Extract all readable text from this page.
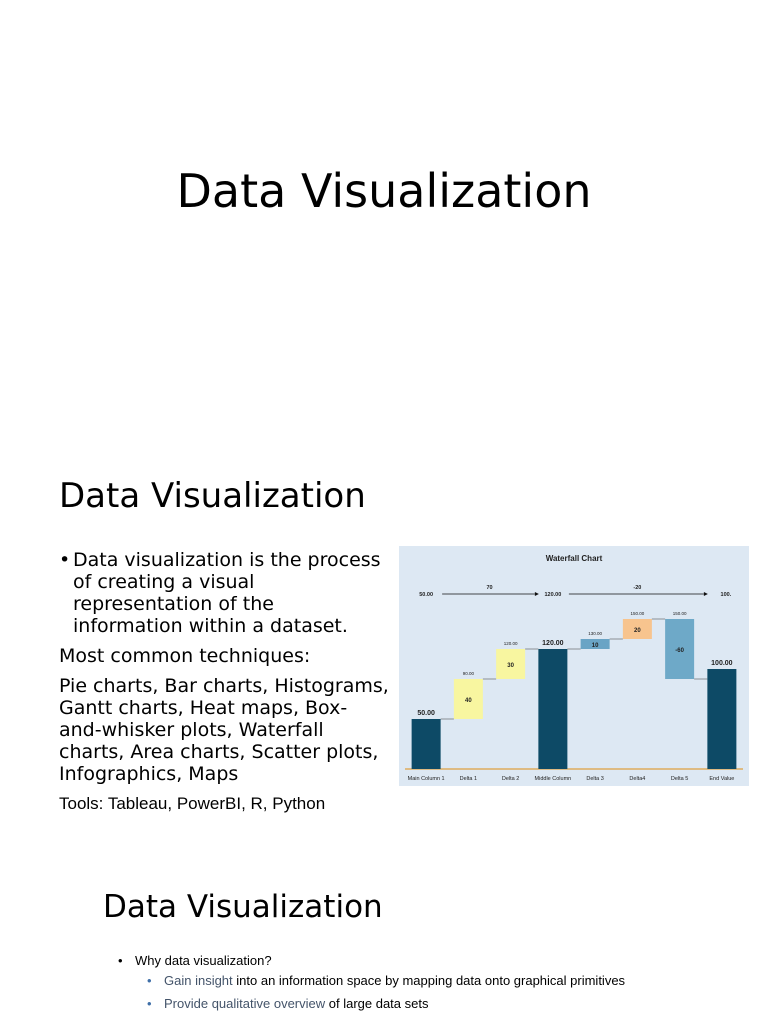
Data Visualization
Data Visualization

• Data visualization is the process of creating a visual representation of the information within a dataset.

Most common techniques:

Pie charts, Bar charts, Histograms, Gantt charts, Heat maps, Box-and-whisker plots, Waterfall charts, Area charts, Scatter plots, Infographics, Maps

Tools: Tableau, PowerBI, R, Python

Waterfall Chart
50.00
Main Column 1
40
90.00
Delta 1
30
120.00
Delta 2
120.00
Middle Column
10
130.00
Delta 3
20
150.00
Delta4
-60
150.00
Delta 5
100.00
End Value
50.00
70
120.00	100.
-20
Data Visualization
• Why data visualization?
• Gain insight into an information space by mapping data onto graphical primitives
• Provide qualitative overview of large data sets
